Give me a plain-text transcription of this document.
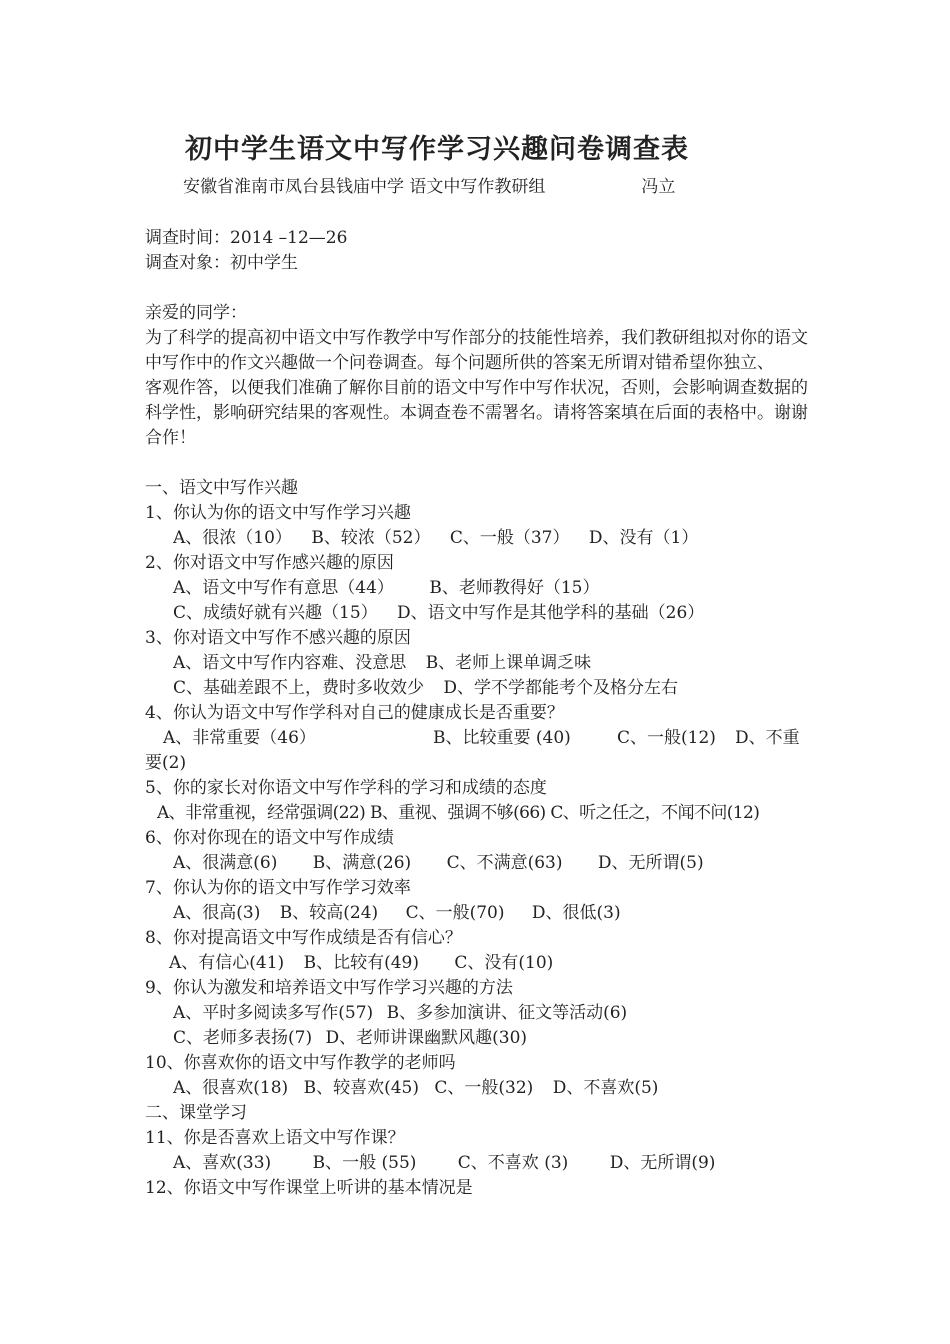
初中学生语文中写作学习兴趣问卷调查表
安徽省淮南市凤台县钱庙中学 语文中写作教研组	冯立
调查时间：2014 –12—26
调查对象：初中学生
亲爱的同学：
为了科学的提高初中语文中写作教学中写作部分的技能性培养，我们教研组拟对你的语文中写作中的作文兴趣做一个问卷调查。每个问题所供的答案无所谓对错希望你独立、
客观作答，以便我们准确了解你目前的语文中写作中写作状况，否则，会影响调查数据的科学性，影响研究结果的客观性。本调查卷不需署名。请将答案填在后面的表格中。谢谢合作！
一、语文中写作兴趣
1、你认为你的语文中写作学习兴趣
A、很浓（10） B、较浓（52） C、一般（37） D、没有（1）
2、你对语文中写作感兴趣的原因
A、语文中写作有意思（44） B、老师教得好（15）
C、成绩好就有兴趣（15） D、语文中写作是其他学科的基础（26）
3、你对语文中写作不感兴趣的原因
A、语文中写作内容难、没意思 B、老师上课单调乏味
C、基础差跟不上，费时多收效少 D、学不学都能考个及格分左右
4、你认为语文中写作学科对自己的健康成长是否重要？
A、非常重要（46）	B、比较重要 (40)	C、一般(12) D、不重
要(2)
5、你的家长对你语文中写作学科的学习和成绩的态度
A、非常重视，经常强调(22) B、重视、强调不够(66) C、听之任之，不闻不问(12)
6、你对你现在的语文中写作成绩
A、很满意(6) B、满意(26) C、不满意(63) D、无所谓(5)
7、你认为你的语文中写作学习效率
A、很高(3) B、较高(24) C、一般(70) D、很低(3)
8、你对提高语文中写作成绩是否有信心？
A、有信心(41) B、比较有(49) C、没有(10)
9、你认为激发和培养语文中写作学习兴趣的方法
A、平时多阅读多写作(57) B、多参加演讲、征文等活动(6)
C、老师多表扬(7) D、老师讲课幽默风趣(30)
10、你喜欢你的语文中写作教学的老师吗
A、很喜欢(18) B、较喜欢(45) C、一般(32) D、不喜欢(5)
二、课堂学习
11、你是否喜欢上语文中写作课？
A、喜欢(33) B、一般 (55) C、不喜欢 (3) D、无所谓(9)
12、你语文中写作课堂上听讲的基本情况是
